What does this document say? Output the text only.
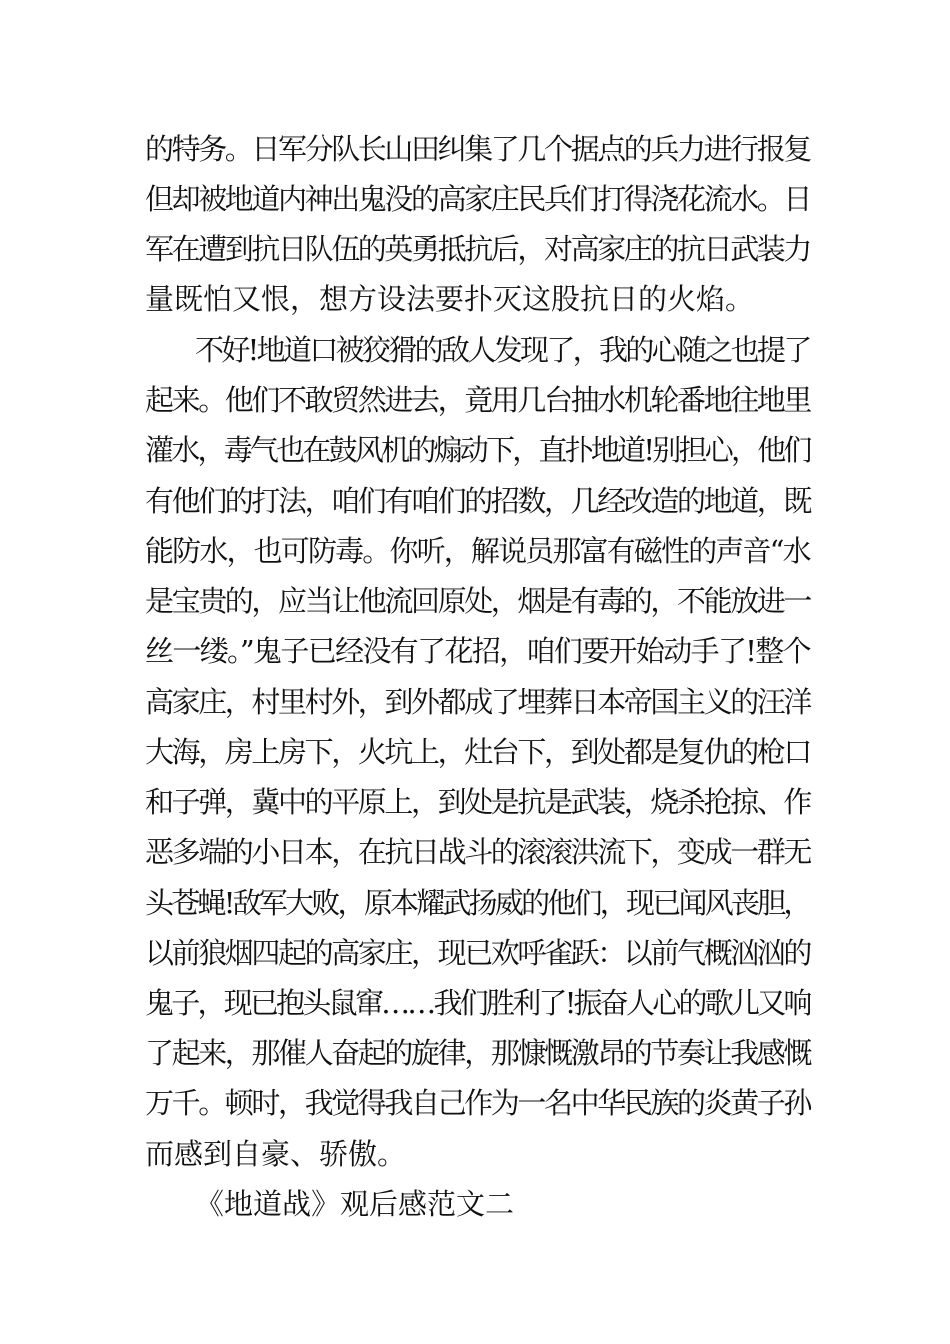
的特务。日军分队长山田纠集了几个据点的兵力进行报复
但却被地道内神出鬼没的高家庄民兵们打得浇花流水。日
军在遭到抗日队伍的英勇抵抗后，对高家庄的抗日武装力
量既怕又恨，想方设法要扑灭这股抗日的火焰。
不好!地道口被狡猾的敌人发现了，我的心随之也提了
起来。他们不敢贸然进去，竟用几台抽水机轮番地往地里
灌水，毒气也在鼓风机的煽动下，直扑地道!别担心，他们
有他们的打法，咱们有咱们的招数，几经改造的地道，既
能防水，也可防毒。你听，解说员那富有磁性的声音“水
是宝贵的，应当让他流回原处，烟是有毒的，不能放进一
丝一缕。”鬼子已经没有了花招，咱们要开始动手了!整个
高家庄，村里村外，到外都成了埋葬日本帝国主义的汪洋
大海，房上房下，火坑上，灶台下，到处都是复仇的枪口
和子弹，冀中的平原上，到处是抗是武装，烧杀抢掠、作
恶多端的小日本，在抗日战斗的滚滚洪流下，变成一群无
头苍蝇!敌军大败，原本耀武扬威的他们，现已闻风丧胆，
以前狼烟四起的高家庄，现已欢呼雀跃：以前气概汹汹的
鬼子，现已抱头鼠窜……我们胜利了!振奋人心的歌儿又响
了起来，那催人奋起的旋律，那慷慨激昂的节奏让我感慨
万千。顿时，我觉得我自己作为一名中华民族的炎黄子孙
而感到自豪、骄傲。
《地道战》观后感范文二
